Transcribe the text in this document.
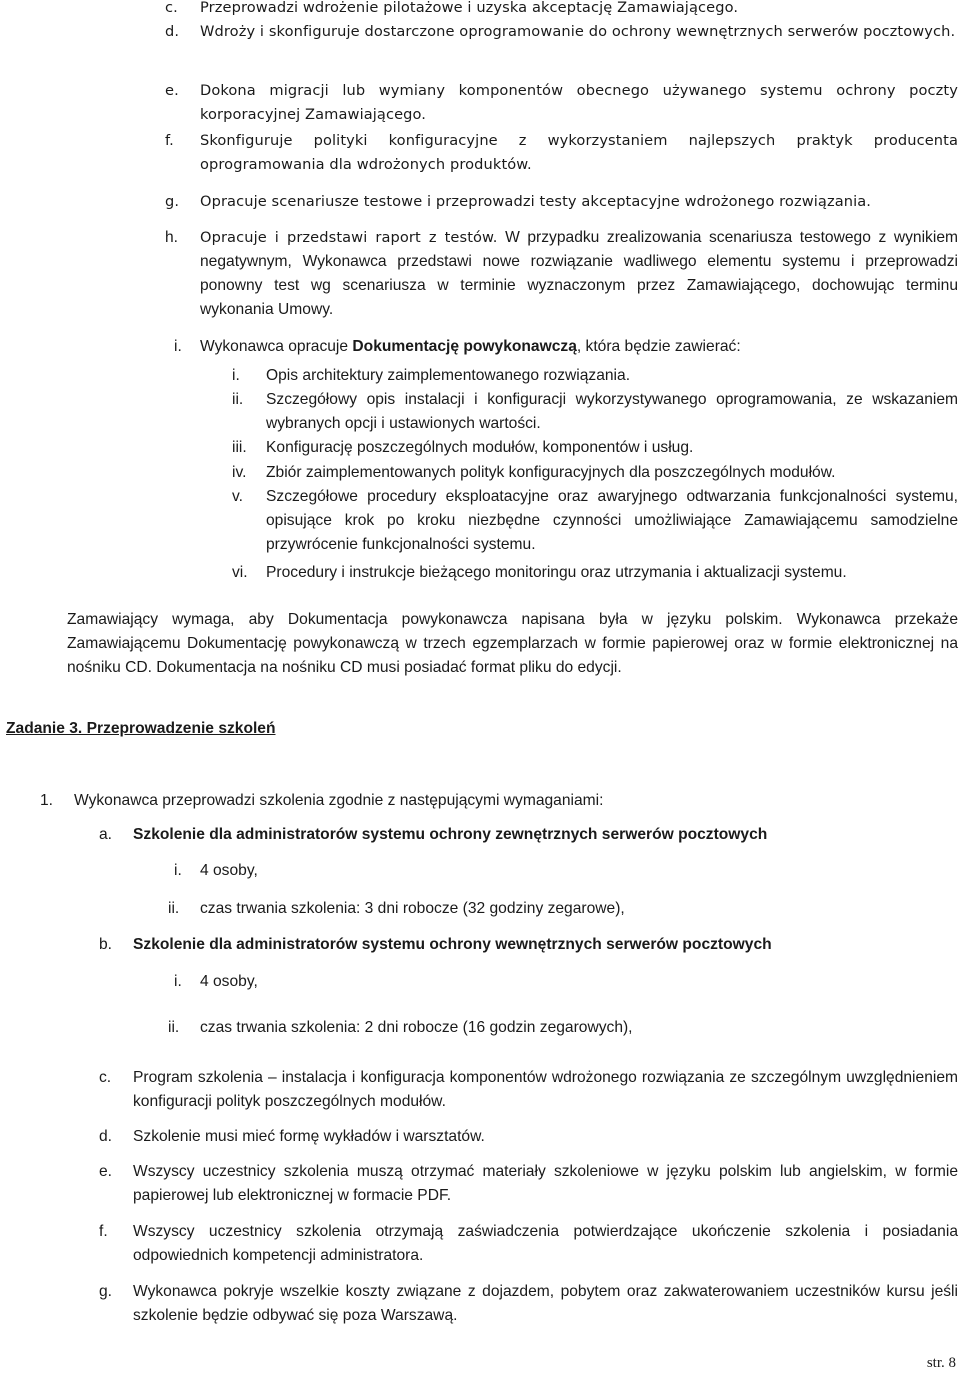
c. Przeprowadzi wdrożenie pilotażowe i uzyska akceptację Zamawiającego.
d. Wdroży i skonfiguruje dostarczone oprogramowanie do ochrony wewnętrznych serwerów pocztowych.
e. Dokona migracji lub wymiany komponentów obecnego używanego systemu ochrony poczty korporacyjnej Zamawiającego.
f. Skonfiguruje polityki konfiguracyjne z wykorzystaniem najlepszych praktyk producenta oprogramowania dla wdrożonych produktów.
g. Opracuje scenariusze testowe i przeprowadzi testy akceptacyjne wdrożonego rozwiązania.
h. Opracuje i przedstawi raport z testów. W przypadku zrealizowania scenariusza testowego z wynikiem negatywnym, Wykonawca przedstawi nowe rozwiązanie wadliwego elementu systemu i przeprowadzi ponowny test wg scenariusza w terminie wyznaczonym przez Zamawiającego, dochowując terminu wykonania Umowy.
i. Wykonawca opracuje Dokumentację powykonawczą, która będzie zawierać:
i. Opis architektury zaimplementowanego rozwiązania.
ii. Szczegółowy opis instalacji i konfiguracji wykorzystywanego oprogramowania, ze wskazaniem wybranych opcji i ustawionych wartości.
iii. Konfigurację poszczególnych modułów, komponentów i usług.
iv. Zbiór zaimplementowanych polityk konfiguracyjnych dla poszczególnych modułów.
v. Szczegółowe procedury eksploatacyjne oraz awaryjnego odtwarzania funkcjonalności systemu, opisujące krok po kroku niezbędne czynności umożliwiające Zamawiającemu samodzielne przywrócenie funkcjonalności systemu.
vi. Procedury i instrukcje bieżącego monitoringu oraz utrzymania i aktualizacji systemu.
Zamawiający wymaga, aby Dokumentacja powykonawcza napisana była w języku polskim. Wykonawca przekaże Zamawiającemu Dokumentację powykonawczą w trzech egzemplarzach w formie papierowej oraz w formie elektronicznej na nośniku CD. Dokumentacja na nośniku CD musi posiadać format pliku do edycji.
Zadanie 3. Przeprowadzenie szkoleń
1. Wykonawca przeprowadzi szkolenia zgodnie z następującymi wymaganiami:
a. Szkolenie dla administratorów systemu ochrony zewnętrznych serwerów pocztowych
i. 4 osoby,
ii. czas trwania szkolenia: 3 dni robocze (32 godziny zegarowe),
b. Szkolenie dla administratorów systemu ochrony wewnętrznych serwerów pocztowych
i. 4 osoby,
ii. czas trwania szkolenia: 2 dni robocze (16 godzin zegarowych),
c. Program szkolenia – instalacja i konfiguracja komponentów wdrożonego rozwiązania ze szczególnym uwzględnieniem konfiguracji polityk poszczególnych modułów.
d. Szkolenie musi mieć formę wykładów i warsztatów.
e. Wszyscy uczestnicy szkolenia muszą otrzymać materiały szkoleniowe w języku polskim lub angielskim, w formie papierowej lub elektronicznej w formacie PDF.
f. Wszyscy uczestnicy szkolenia otrzymają zaświadczenia potwierdzające ukończenie szkolenia i posiadania odpowiednich kompetencji administratora.
g. Wykonawca pokryje wszelkie koszty związane z dojazdem, pobytem oraz zakwaterowaniem uczestników kursu jeśli szkolenie będzie odbywać się poza Warszawą.
str. 8
